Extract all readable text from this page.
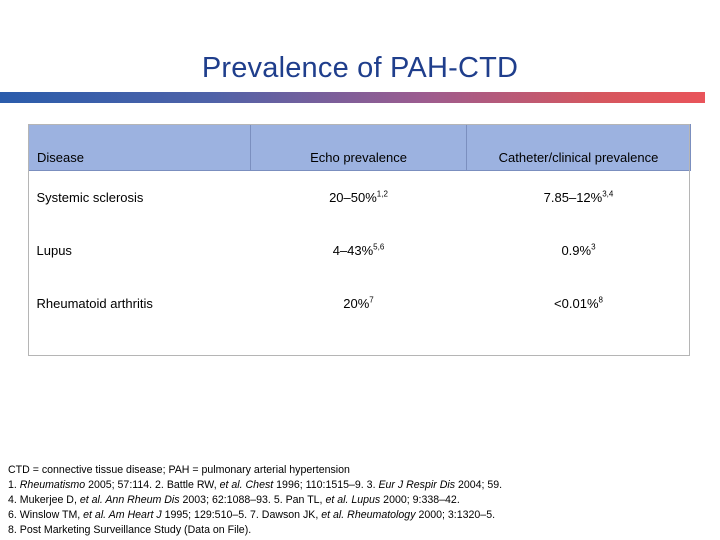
Prevalence of PAH-CTD
Disease	Echo prevalence	Catheter/clinical prevalence
Systemic sclerosis	20–50%$^{1,2}$	7.85–12%$^{3,4}$
Lupus	4–43%$^{5,6}$	0.9%$^3$
Rheumatoid arthritis	20%$^7$	<0.01%$^8$
CTD = connective tissue disease; PAH = pulmonary arterial hypertension
1. Rheumatismo 2005; 57:114. 2. Battle RW, et al. Chest 1996; 110:1515–9. 3. Eur J Respir Dis 2004; 59.
4. Mukerjee D, et al. Ann Rheum Dis 2003; 62:1088–93. 5. Pan TL, et al. Lupus 2000; 9:338–42.
6. Winslow TM, et al. Am Heart J 1995; 129:510–5. 7. Dawson JK, et al. Rheumatology 2000; 3:1320–5.
8. Post Marketing Surveillance Study (Data on File).
